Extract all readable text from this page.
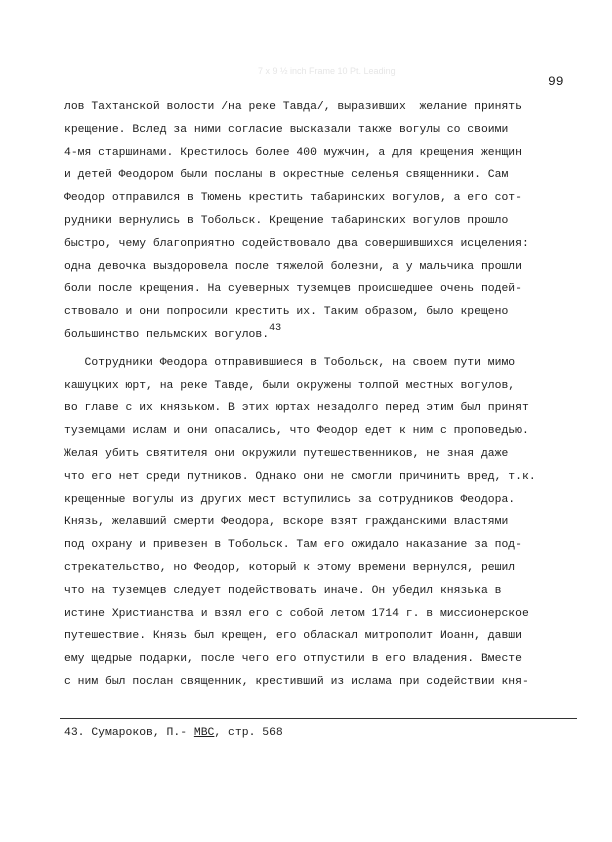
7 x 9 ½ inch Frame 10 Pt. Leading
99
лов Тахтанской волости /на реке Тавда/, выразивших  желание принять
крещение. Вслед за ними согласие высказали также вогулы со своими
4-мя старшинами. Крестилось более 400 мужчин, а для крещения женщин
и детей Феодором были посланы в окрестные селенья священники. Сам
Феодор отправился в Тюмень крестить табаринских вогулов, а его сот-
рудники вернулись в Тобольск. Крещение табаринских вогулов прошло
быстро, чему благоприятно содействовало два совершившихся исцеления:
одна девочка выздоровела после тяжелой болезни, а у мальчика прошли
боли после крещения. На суеверных туземцев происшедшее очень подей-
ствовало и они попросили крестить их. Таким образом, было крещено
большинство пельмских вогулов.43
Сотрудники Феодора отправившиеся в Тобольск, на своем пути мимо
кашуцких юрт, на реке Тавде, были окружены толпой местных вогулов,
во главе с их князьком. В этих юртах незадолго перед этим был принят
туземцами ислам и они опасались, что Феодор едет к ним с проповедью.
Желая убить святителя они окружили путешественников, не зная даже
что его нет среди путников. Однако они не смогли причинить вред, т.к.
крещенные вогулы из других мест вступились за сотрудников Феодора.
Князь, желавший смерти Феодора, вскоре взят гражданскими властями
под охрану и привезен в Тобольск. Там его ожидало наказание за под-
стрекательство, но Феодор, который к этому времени вернулся, решил
что на туземцев следует подействовать иначе. Он убедил князька в
истине Христианства и взял его с собой летом 1714 г. в миссионерское
путешествие. Князь был крещен, его обласкал митрополит Иоанн, давши
ему щедрые подарки, после чего его отпустили в его владения. Вместе
с ним был послан священник, крестивший из ислама при содействии кня-
43. Сумароков, П.- МВС, стр. 568
